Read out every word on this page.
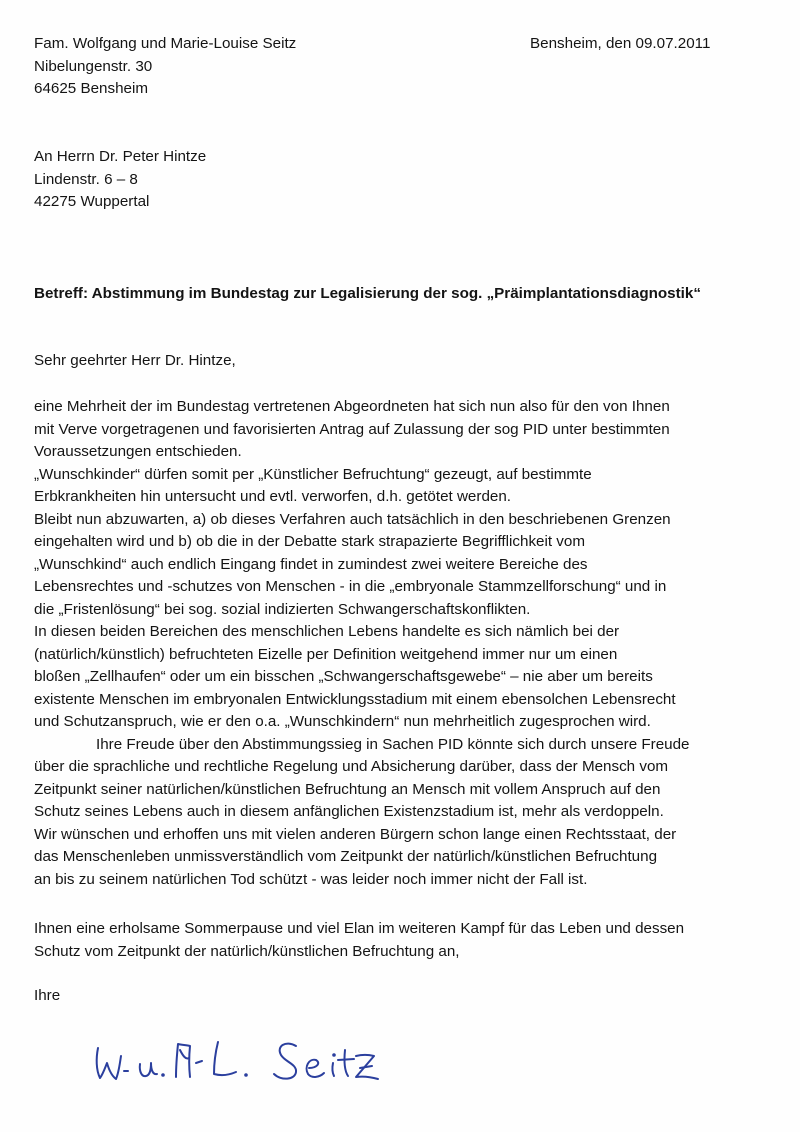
Fam. Wolfgang und Marie-Louise Seitz
Nibelungenstr. 30
64625 Bensheim
Bensheim, den 09.07.2011
An Herrn Dr. Peter Hintze
Lindenstr. 6 – 8
42275 Wuppertal
Betreff: Abstimmung im Bundestag zur Legalisierung der sog. „Präimplantationsdiagnostik“
Sehr geehrter Herr Dr. Hintze,
eine Mehrheit der im Bundestag vertretenen Abgeordneten hat sich nun also für den von Ihnen
mit Verve vorgetragenen und favorisierten Antrag auf Zulassung der sog PID unter bestimmten
Voraussetzungen entschieden.
„Wunschkinder“ dürfen somit per „Künstlicher Befruchtung“ gezeugt, auf bestimmte
Erbkrankheiten hin untersucht und evtl. verworfen, d.h. getötet werden.
Bleibt nun abzuwarten, a) ob dieses Verfahren auch tatsächlich in den beschriebenen Grenzen
eingehalten wird und b) ob die in der Debatte stark strapazierte Begrifflichkeit vom
„Wunschkind“ auch endlich Eingang findet in zumindest zwei weitere Bereiche des
Lebensrechtes und -schutzes von Menschen - in die „embryonale Stammzellforschung“ und in
die „Fristenlösung“ bei sog. sozial indizierten Schwangerschaftskonflikten.
In diesen beiden Bereichen des menschlichen Lebens handelte es sich nämlich bei der
(natürlich/künstlich) befruchteten Eizelle per Definition weitgehend immer nur um einen
bloßen „Zellhaufen“ oder um ein bisschen „Schwangerschaftsgewebe“ – nie aber um bereits
existente Menschen im embryonalen Entwicklungsstadium mit einem ebensolchen Lebensrecht
und Schutzanspruch, wie er den o.a. „Wunschkindern“ nun mehrheitlich zugesprochen wird.
Ihre Freude über den Abstimmungssieg in Sachen PID könnte sich durch unsere Freude
über die sprachliche und rechtliche Regelung und Absicherung darüber, dass der Mensch vom
Zeitpunkt seiner natürlichen/künstlichen Befruchtung an Mensch mit vollem Anspruch auf den
Schutz seines Lebens auch in diesem anfänglichen Existenzstadium ist, mehr als verdoppeln.
Wir wünschen und erhoffen uns mit vielen anderen Bürgern schon lange einen Rechtsstaat, der
das Menschenleben unmissverständlich vom Zeitpunkt der natürlich/künstlichen Befruchtung
an bis zu seinem natürlichen Tod schützt - was leider noch immer nicht der Fall ist.
Ihnen eine erholsame Sommerpause und viel Elan im weiteren Kampf für das Leben und dessen
Schutz vom Zeitpunkt der natürlich/künstlichen Befruchtung an,
Ihre
